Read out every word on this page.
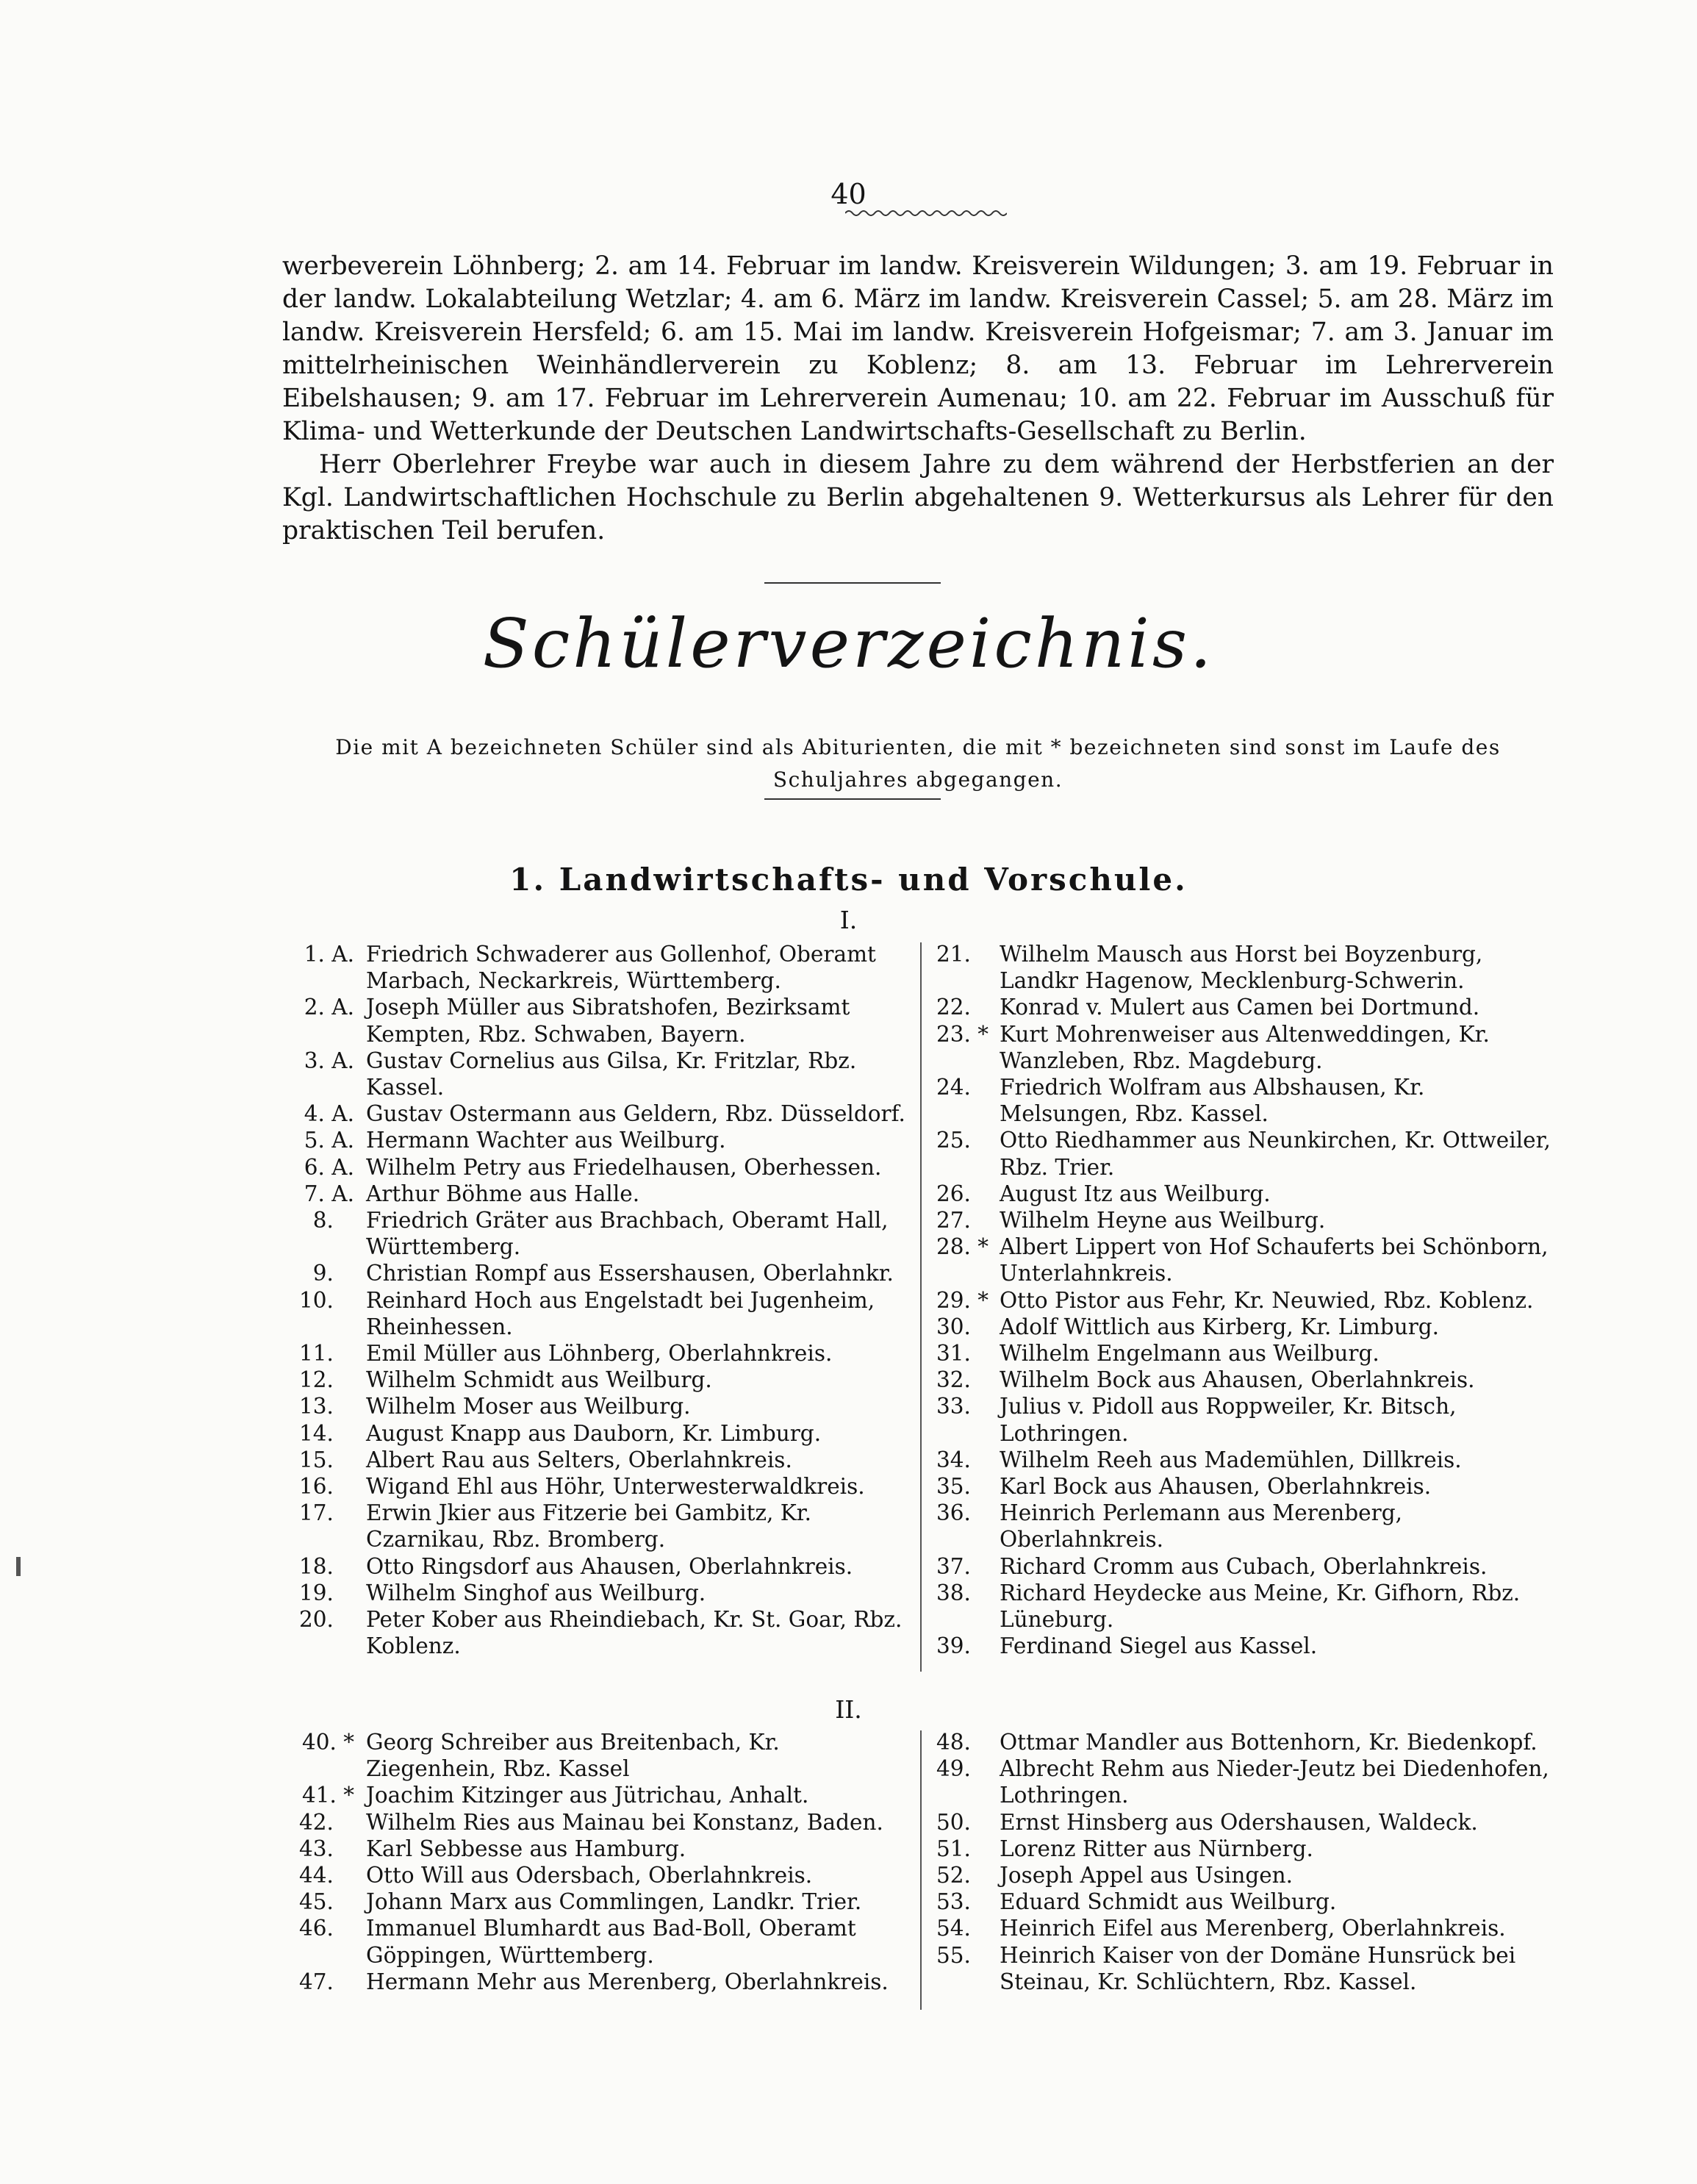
40

werbeverein Löhnberg; 2. am 14. Februar im landw. Kreisverein Wildungen; 3. am 19. Februar in der landw. Lokalabteilung Wetzlar; 4. am 6. März im landw. Kreisverein Cassel; 5. am 28. März im landw. Kreisverein Hersfeld; 6. am 15. Mai im landw. Kreisverein Hofgeismar; 7. am 3. Januar im mittelrheinischen Weinhändlerverein zu Koblenz; 8. am 13. Februar im Lehrerverein Eibelshausen; 9. am 17. Februar im Lehrerverein Aumenau; 10. am 22. Februar im Ausschuß für Klima- und Wetterkunde der Deutschen Landwirtschafts-Gesellschaft zu Berlin.

Herr Oberlehrer Freybe war auch in diesem Jahre zu dem während der Herbstferien an der Kgl. Landwirtschaftlichen Hochschule zu Berlin abgehaltenen 9. Wetterkursus als Lehrer für den praktischen Teil berufen.

Schülerverzeichnis.
Die mit A bezeichneten Schüler sind als Abiturienten, die mit * bezeichneten sind sonst im Laufe des Schuljahres abgegangen.
1. Landwirtschafts- und Vorschule.
I.
1. A. Friedrich Schwaderer aus Gollenhof, Oberamt Marbach, Neckarkreis, Württemberg.
2. A. Joseph Müller aus Sibratshofen, Bezirksamt Kempten, Rbz. Schwaben, Bayern.
3. A. Gustav Cornelius aus Gilsa, Kr. Fritzlar, Rbz. Kassel.
4. A. Gustav Ostermann aus Geldern, Rbz. Düsseldorf.
5. A. Hermann Wachter aus Weilburg.
6. A. Wilhelm Petry aus Friedelhausen, Oberhessen.
7. A. Arthur Böhme aus Halle.
8. Friedrich Gräter aus Brachbach, Oberamt Hall, Württemberg.
9. Christian Rompf aus Essershausen, Oberlahnkr.
10. Reinhard Hoch aus Engelstadt bei Jugenheim, Rheinhessen.
11. Emil Müller aus Löhnberg, Oberlahnkreis.
12. Wilhelm Schmidt aus Weilburg.
13. Wilhelm Moser aus Weilburg.
14. August Knapp aus Dauborn, Kr. Limburg.
15. Albert Rau aus Selters, Oberlahnkreis.
16. Wigand Ehl aus Höhr, Unterwesterwaldkreis.
17. Erwin Jkier aus Fitzerie bei Gambitz, Kr. Czarnikau, Rbz. Bromberg.
18. Otto Ringsdorf aus Ahausen, Oberlahnkreis.
19. Wilhelm Singhof aus Weilburg.
20. Peter Kober aus Rheindiebach, Kr. St. Goar, Rbz. Koblenz.
21. Wilhelm Mausch aus Horst bei Boyzenburg, Landkr Hagenow, Mecklenburg-Schwerin.
22. Konrad v. Mulert aus Camen bei Dortmund.
23. * Kurt Mohrenweiser aus Altenweddingen, Kr. Wanzleben, Rbz. Magdeburg.
24. Friedrich Wolfram aus Albshausen, Kr. Melsungen, Rbz. Kassel.
25. Otto Riedhammer aus Neunkirchen, Kr. Ottweiler, Rbz. Trier.
26. August Itz aus Weilburg.
27. Wilhelm Heyne aus Weilburg.
28. * Albert Lippert von Hof Schauferts bei Schönborn, Unterlahnkreis.
29. * Otto Pistor aus Fehr, Kr. Neuwied, Rbz. Koblenz.
30. Adolf Wittlich aus Kirberg, Kr. Limburg.
31. Wilhelm Engelmann aus Weilburg.
32. Wilhelm Bock aus Ahausen, Oberlahnkreis.
33. Julius v. Pidoll aus Roppweiler, Kr. Bitsch, Lothringen.
34. Wilhelm Reeh aus Mademühlen, Dillkreis.
35. Karl Bock aus Ahausen, Oberlahnkreis.
36. Heinrich Perlemann aus Merenberg, Oberlahnkreis.
37. Richard Cromm aus Cubach, Oberlahnkreis.
38. Richard Heydecke aus Meine, Kr. Gifhorn, Rbz. Lüneburg.
39. Ferdinand Siegel aus Kassel.
II.
40. * Georg Schreiber aus Breitenbach, Kr. Ziegenhein, Rbz. Kassel
41. * Joachim Kitzinger aus Jütrichau, Anhalt.
42. Wilhelm Ries aus Mainau bei Konstanz, Baden.
43. Karl Sebbesse aus Hamburg.
44. Otto Will aus Odersbach, Oberlahnkreis.
45. Johann Marx aus Commlingen, Landkr. Trier.
46. Immanuel Blumhardt aus Bad-Boll, Oberamt Göppingen, Württemberg.
47. Hermann Mehr aus Merenberg, Oberlahnkreis.
48. Ottmar Mandler aus Bottenhorn, Kr. Biedenkopf.
49. Albrecht Rehm aus Nieder-Jeutz bei Diedenhofen, Lothringen.
50. Ernst Hinsberg aus Odershausen, Waldeck.
51. Lorenz Ritter aus Nürnberg.
52. Joseph Appel aus Usingen.
53. Eduard Schmidt aus Weilburg.
54. Heinrich Eifel aus Merenberg, Oberlahnkreis.
55. Heinrich Kaiser von der Domäne Hunsrück bei Steinau, Kr. Schlüchtern, Rbz. Kassel.
